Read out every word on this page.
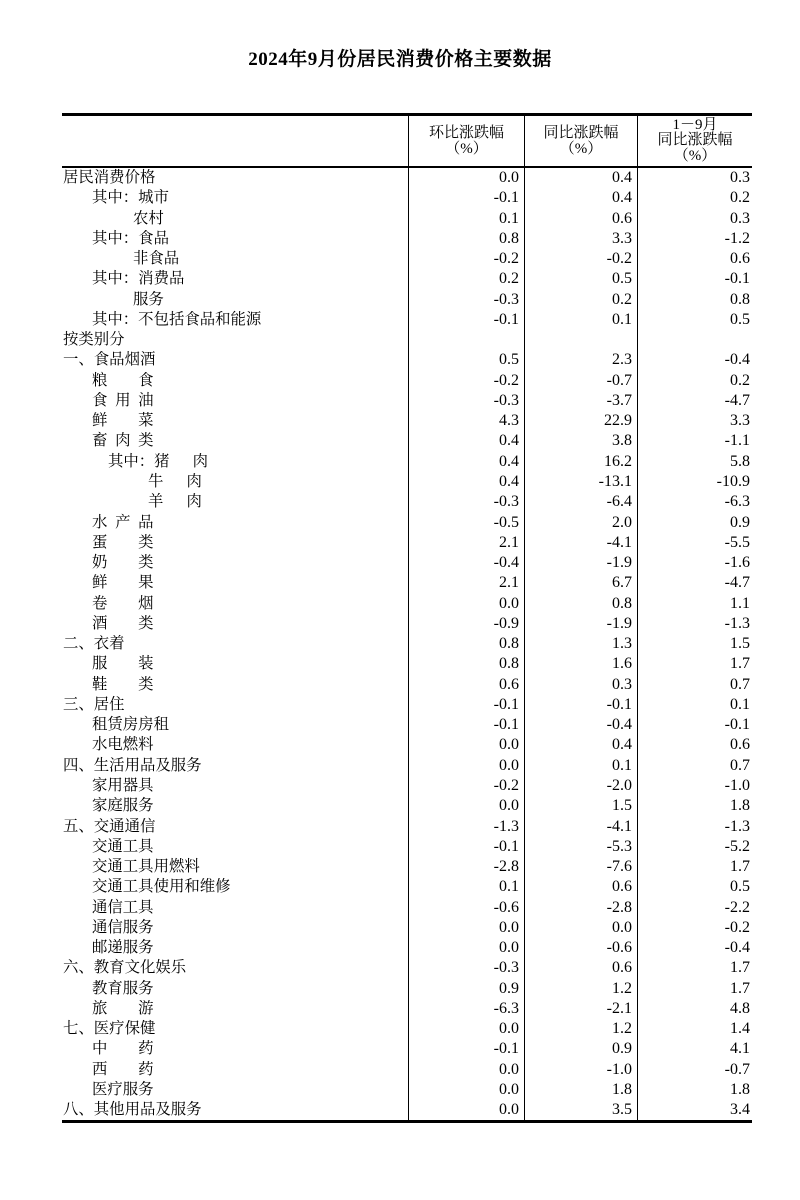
2024年9月份居民消费价格主要数据
环比涨跌幅
（%）
同比涨跌幅
（%）
1－9月
同比涨跌幅
（%）
居民消费价格	0.0	0.4	0.3
其中：城市	-0.1	0.4	0.2
农村	0.1	0.6	0.3
其中：食品	0.8	3.3	-1.2
非食品	-0.2	-0.2	0.6
其中：消费品	0.2	0.5	-0.1
服务	-0.3	0.2	0.8
其中：不包括食品和能源	-0.1	0.1	0.5
按类别分
一、食品烟酒	0.5	2.3	-0.4
粮　　食	-0.2	-0.7	0.2
食 用 油	-0.3	-3.7	-4.7
鲜　　菜	4.3	22.9	3.3
畜 肉 类	0.4	3.8	-1.1
其中：猪　 肉	0.4	16.2	5.8
牛　 肉	0.4	-13.1	-10.9
羊　 肉	-0.3	-6.4	-6.3
水 产 品	-0.5	2.0	0.9
蛋　　类	2.1	-4.1	-5.5
奶　　类	-0.4	-1.9	-1.6
鲜　　果	2.1	6.7	-4.7
卷　　烟	0.0	0.8	1.1
酒　　类	-0.9	-1.9	-1.3
二、衣着	0.8	1.3	1.5
服　　装	0.8	1.6	1.7
鞋　　类	0.6	0.3	0.7
三、居住	-0.1	-0.1	0.1
租赁房房租	-0.1	-0.4	-0.1
水电燃料	0.0	0.4	0.6
四、生活用品及服务	0.0	0.1	0.7
家用器具	-0.2	-2.0	-1.0
家庭服务	0.0	1.5	1.8
五、交通通信	-1.3	-4.1	-1.3
交通工具	-0.1	-5.3	-5.2
交通工具用燃料	-2.8	-7.6	1.7
交通工具使用和维修	0.1	0.6	0.5
通信工具	-0.6	-2.8	-2.2
通信服务	0.0	0.0	-0.2
邮递服务	0.0	-0.6	-0.4
六、教育文化娱乐	-0.3	0.6	1.7
教育服务	0.9	1.2	1.7
旅　　游	-6.3	-2.1	4.8
七、医疗保健	0.0	1.2	1.4
中　　药	-0.1	0.9	4.1
西　　药	0.0	-1.0	-0.7
医疗服务	0.0	1.8	1.8
八、其他用品及服务	0.0	3.5	3.4
